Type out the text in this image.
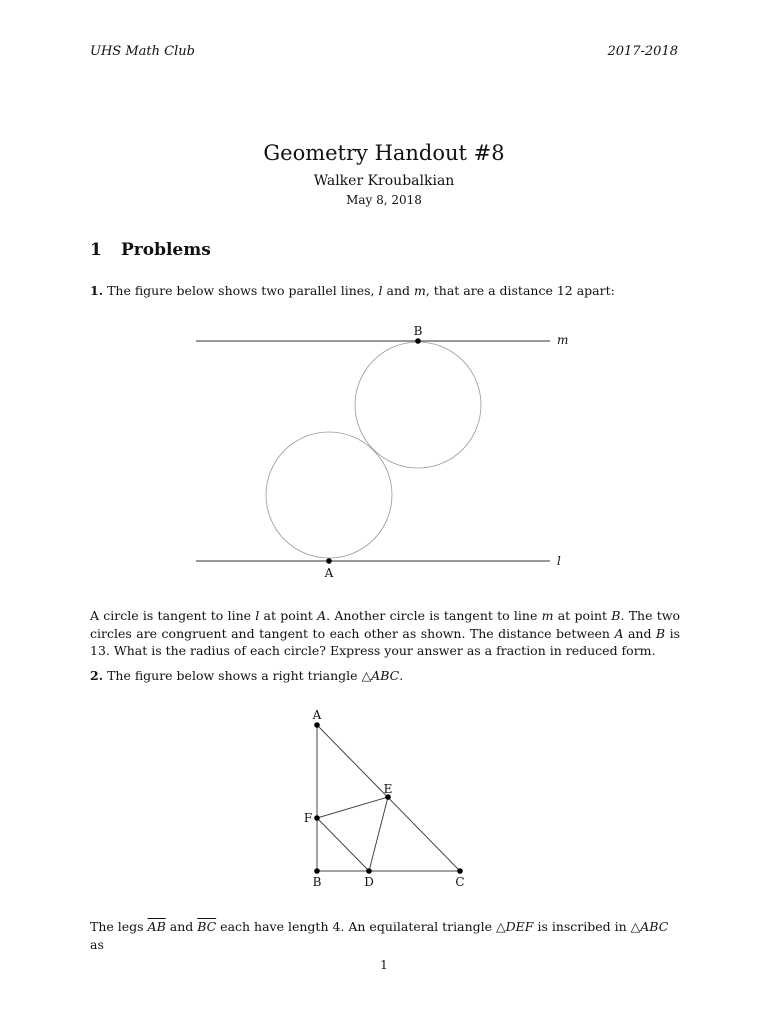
UHS Math Club	2017-2018
Geometry Handout #8
Walker Kroubalkian
May 8, 2018
1 Problems
1. The figure below shows two parallel lines, l and m, that are a distance 12 apart:
B
A
m
l
A circle is tangent to line l at point A. Another circle is tangent to line m at point B. The two circles are congruent and tangent to each other as shown. The distance between A and B is 13. What is the radius of each circle? Express your answer as a fraction in reduced form.
2. The figure below shows a right triangle △ABC.
A
B	C
D
E
F
The legs $\overline{AB}$ and $\overline{BC}$ each have length 4. An equilateral triangle △DEF is inscribed in △ABC as
1
